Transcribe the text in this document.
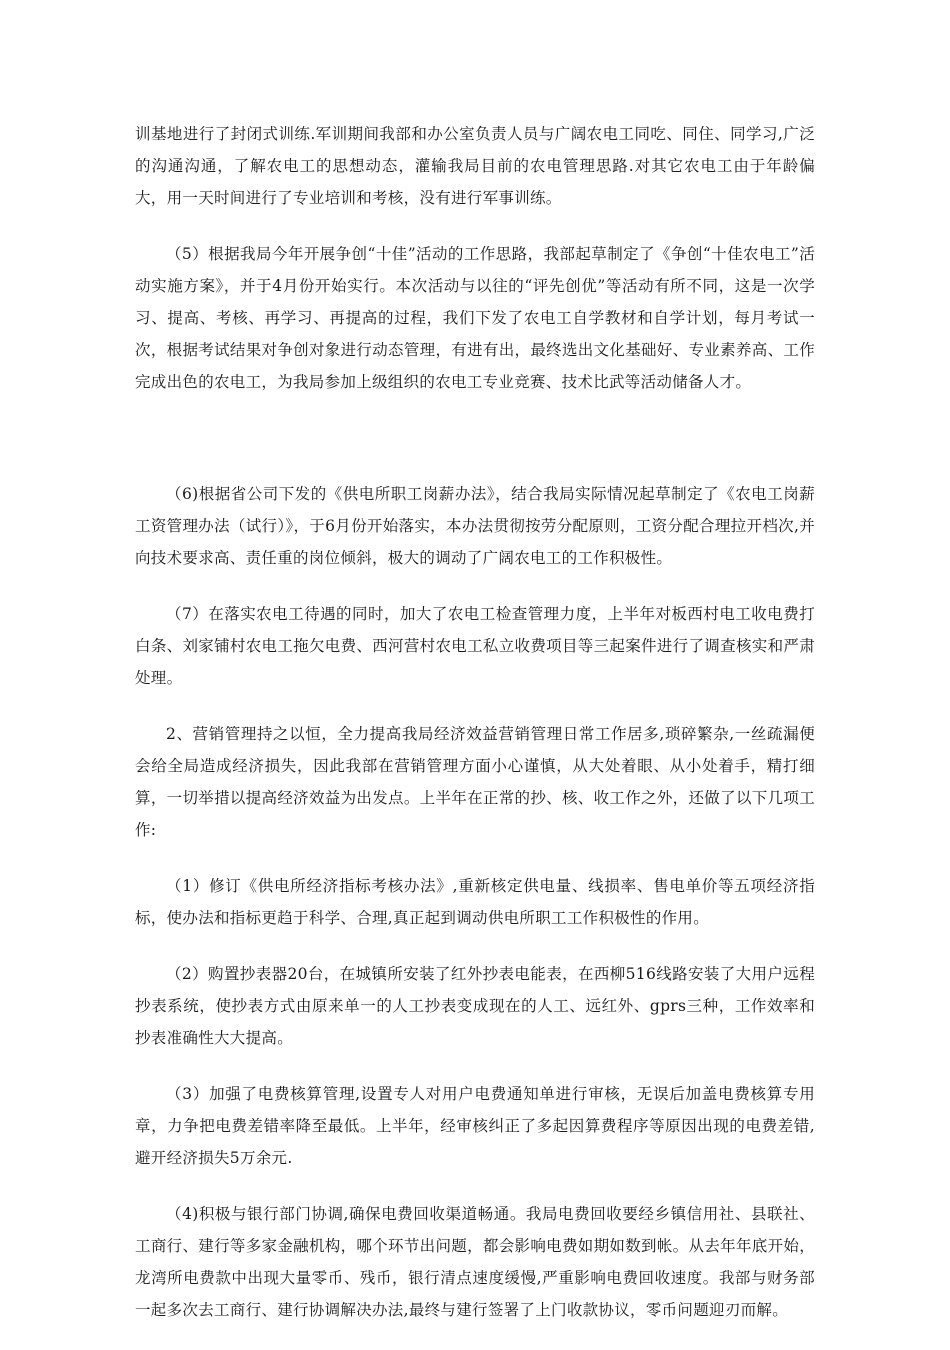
训基地进行了封闭式训练.军训期间我部和办公室负责人员与广阔农电工同吃、同住、同学习,广泛的沟通沟通，了解农电工的思想动态，灌输我局目前的农电管理思路.对其它农电工由于年龄偏大，用一天时间进行了专业培训和考核，没有进行军事训练。

（5）根据我局今年开展争创“十佳”活动的工作思路，我部起草制定了《争创“十佳农电工”活动实施方案》，并于4月份开始实行。本次活动与以往的“评先创优”等活动有所不同，这是一次学习、提高、考核、再学习、再提高的过程，我们下发了农电工自学教材和自学计划，每月考试一次，根据考试结果对争创对象进行动态管理，有进有出，最终选出文化基础好、专业素养高、工作完成出色的农电工，为我局参加上级组织的农电工专业竞赛、技术比武等活动储备人才。

（6)根据省公司下发的《供电所职工岗薪办法》，结合我局实际情况起草制定了《农电工岗薪工资管理办法（试行）》，于6月份开始落实，本办法贯彻按劳分配原则，工资分配合理拉开档次,并向技术要求高、责任重的岗位倾斜，极大的调动了广阔农电工的工作积极性。

（7）在落实农电工待遇的同时，加大了农电工检查管理力度，上半年对板西村电工收电费打白条、刘家铺村农电工拖欠电费、西河营村农电工私立收费项目等三起案件进行了调查核实和严肃处理。

2、营销管理持之以恒，全力提高我局经济效益营销管理日常工作居多,琐碎繁杂,一丝疏漏便会给全局造成经济损失，因此我部在营销管理方面小心谨慎，从大处着眼、从小处着手，精打细算，一切举措以提高经济效益为出发点。上半年在正常的抄、核、收工作之外，还做了以下几项工作:

（1）修订《供电所经济指标考核办法》,重新核定供电量、线损率、售电单价等五项经济指标，使办法和指标更趋于科学、合理,真正起到调动供电所职工工作积极性的作用。

（2）购置抄表器20台，在城镇所安装了红外抄表电能表，在西柳516线路安装了大用户远程抄表系统，使抄表方式由原来单一的人工抄表变成现在的人工、远红外、gprs三种，工作效率和抄表准确性大大提高。

（3）加强了电费核算管理,设置专人对用户电费通知单进行审核，无误后加盖电费核算专用章，力争把电费差错率降至最低。上半年，经审核纠正了多起因算费程序等原因出现的电费差错,避开经济损失5万余元.

（4)积极与银行部门协调,确保电费回收渠道畅通。我局电费回收要经乡镇信用社、县联社、工商行、建行等多家金融机构，哪个环节出问题，都会影响电费如期如数到帐。从去年年底开始，龙湾所电费款中出现大量零币、残币，银行清点速度缓慢,严重影响电费回收速度。我部与财务部一起多次去工商行、建行协调解决办法,最终与建行签署了上门收款协议，零币问题迎刃而解。
